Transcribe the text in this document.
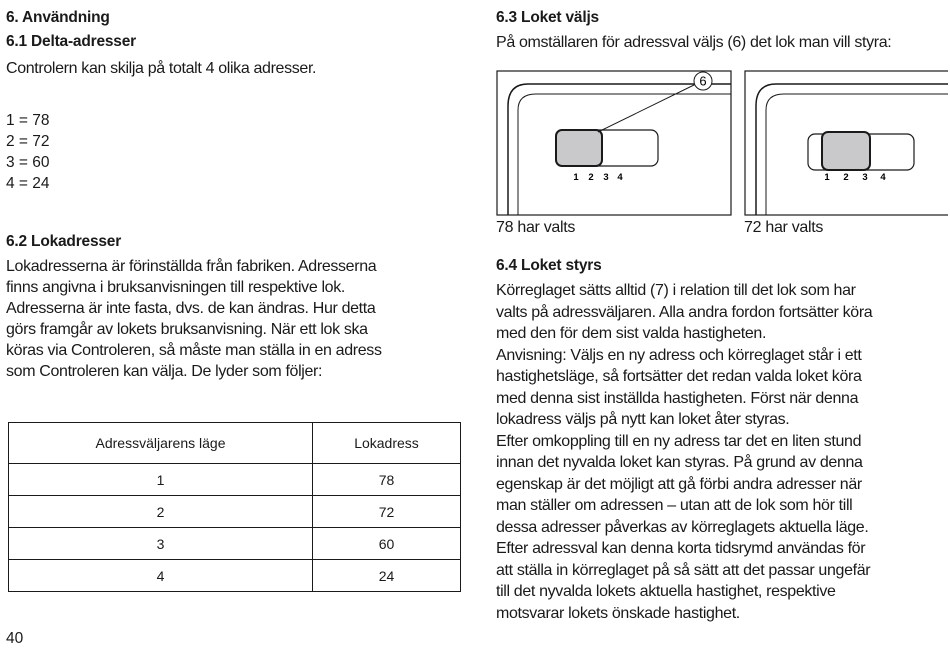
6. Användning
6.1 Delta-adresser
Controlern kan skilja på totalt 4 olika adresser.
1 = 78
2 = 72
3 = 60
4 = 24
6.2 Lokadresser
Lokadresserna är förinställda från fabriken. Adresserna
finns angivna i bruksanvisningen till respektive lok.
Adresserna är inte fasta, dvs. de kan ändras. Hur detta
görs framgår av lokets bruksanvisning. När ett lok ska
köras via Controleren, så måste man ställa in en adress
som Controleren kan välja. De lyder som följer:
Adressväljarens läge	Lokadress
1	78
2	72
3	60
4	24
40
6.3 Loket väljs
På omställaren för adressval väljs (6) det lok man vill styra:
6
1 2 3 4
78 har valts
1 2 3 4
72 har valts
6.4 Loket styrs
Körreglaget sätts alltid (7) i relation till det lok som har
valts på adressväljaren. Alla andra fordon fortsätter köra
med den för dem sist valda hastigheten.
Anvisning: Väljs en ny adress och körreglaget står i ett
hastighetsläge, så fortsätter det redan valda loket köra
med denna sist inställda hastigheten. Först när denna
lokadress väljs på nytt kan loket åter styras.
Efter omkoppling till en ny adress tar det en liten stund
innan det nyvalda loket kan styras. På grund av denna
egenskap är det möjligt att gå förbi andra adresser när
man ställer om adressen – utan att de lok som hör till
dessa adresser påverkas av körreglagets aktuella läge.
Efter adressval kan denna korta tidsrymd användas för
att ställa in körreglaget på så sätt att det passar ungefär
till det nyvalda lokets aktuella hastighet, respektive
motsvarar lokets önskade hastighet.
